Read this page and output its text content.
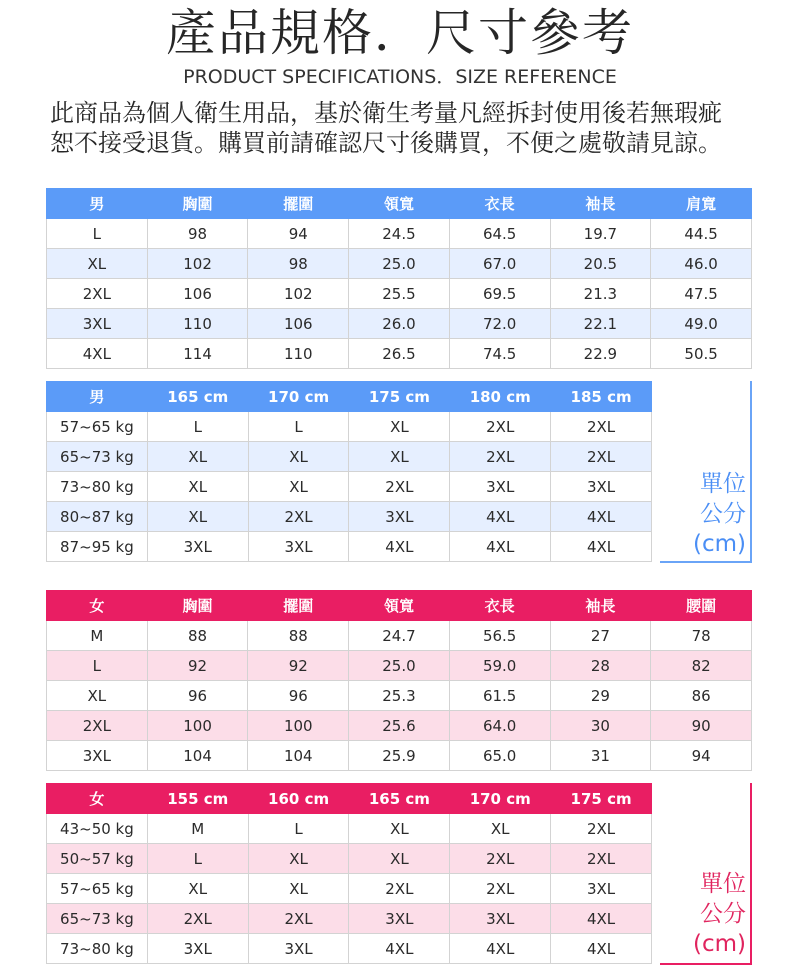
產品規格．尺寸參考
PRODUCT SPECIFICATIONS．SIZE REFERENCE
此商品為個人衛生用品，基於衛生考量凡經拆封使用後若無瑕疵
恕不接受退貨。購買前請確認尺寸後購買，不便之處敬請見諒。
男	胸圍	擺圍	領寬	衣長	袖長	肩寬
L	98	94	24.5	64.5	19.7	44.5
XL	102	98	25.0	67.0	20.5	46.0
2XL	106	102	25.5	69.5	21.3	47.5
3XL	110	106	26.0	72.0	22.1	49.0
4XL	114	110	26.5	74.5	22.9	50.5
男	165 cm	170 cm	175 cm	180 cm	185 cm
57~65 kg	L	L	XL	2XL	2XL
65~73 kg	XL	XL	XL	2XL	2XL
73~80 kg	XL	XL	2XL	3XL	3XL
80~87 kg	XL	2XL	3XL	4XL	4XL
87~95 kg	3XL	3XL	4XL	4XL	4XL
單位
公分
(cm)
女	胸圍	擺圍	領寬	衣長	袖長	腰圍
M	88	88	24.7	56.5	27	78
L	92	92	25.0	59.0	28	82
XL	96	96	25.3	61.5	29	86
2XL	100	100	25.6	64.0	30	90
3XL	104	104	25.9	65.0	31	94
女	155 cm	160 cm	165 cm	170 cm	175 cm
43~50 kg	M	L	XL	XL	2XL
50~57 kg	L	XL	XL	2XL	2XL
57~65 kg	XL	XL	2XL	2XL	3XL
65~73 kg	2XL	2XL	3XL	3XL	4XL
73~80 kg	3XL	3XL	4XL	4XL	4XL
單位
公分
(cm)
